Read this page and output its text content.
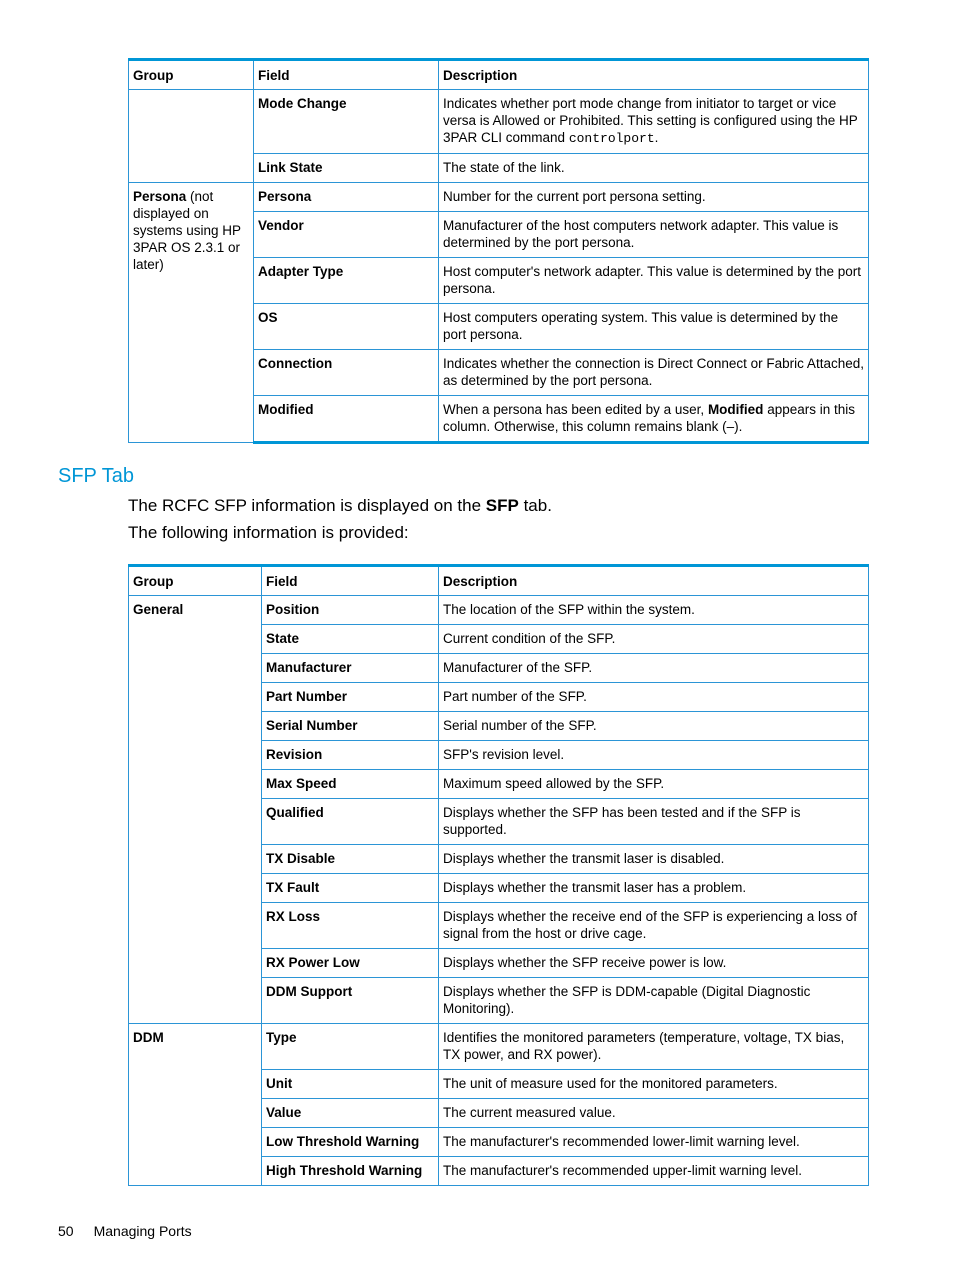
Group	Field	Description
	Mode Change	Indicates whether port mode change from initiator to target or vice versa is Allowed or Prohibited. This setting is configured using the HP 3PAR CLI command controlport.
	Link State	The state of the link.
Persona (not displayed on systems using HP 3PAR OS 2.3.1 or later)	Persona	Number for the current port persona setting.
	Vendor	Manufacturer of the host computers network adapter. This value is determined by the port persona.
	Adapter Type	Host computer's network adapter. This value is determined by the port persona.
	OS	Host computers operating system. This value is determined by the port persona.
	Connection	Indicates whether the connection is Direct Connect or Fabric Attached, as determined by the port persona.
	Modified	When a persona has been edited by a user, Modified appears in this column. Otherwise, this column remains blank (–).
SFP Tab

The RCFC SFP information is displayed on the SFP tab.

The following information is provided:

Group	Field	Description
General	Position	The location of the SFP within the system.
	State	Current condition of the SFP.
	Manufacturer	Manufacturer of the SFP.
	Part Number	Part number of the SFP.
	Serial Number	Serial number of the SFP.
	Revision	SFP's revision level.
	Max Speed	Maximum speed allowed by the SFP.
	Qualified	Displays whether the SFP has been tested and if the SFP is supported.
	TX Disable	Displays whether the transmit laser is disabled.
	TX Fault	Displays whether the transmit laser has a problem.
	RX Loss	Displays whether the receive end of the SFP is experiencing a loss of signal from the host or drive cage.
	RX Power Low	Displays whether the SFP receive power is low.
	DDM Support	Displays whether the SFP is DDM-capable (Digital Diagnostic Monitoring).
DDM	Type	Identifies the monitored parameters (temperature, voltage, TX bias, TX power, and RX power).
	Unit	The unit of measure used for the monitored parameters.
	Value	The current measured value.
	Low Threshold Warning	The manufacturer's recommended lower-limit warning level.
	High Threshold Warning	The manufacturer's recommended upper-limit warning level.
50 Managing Ports
